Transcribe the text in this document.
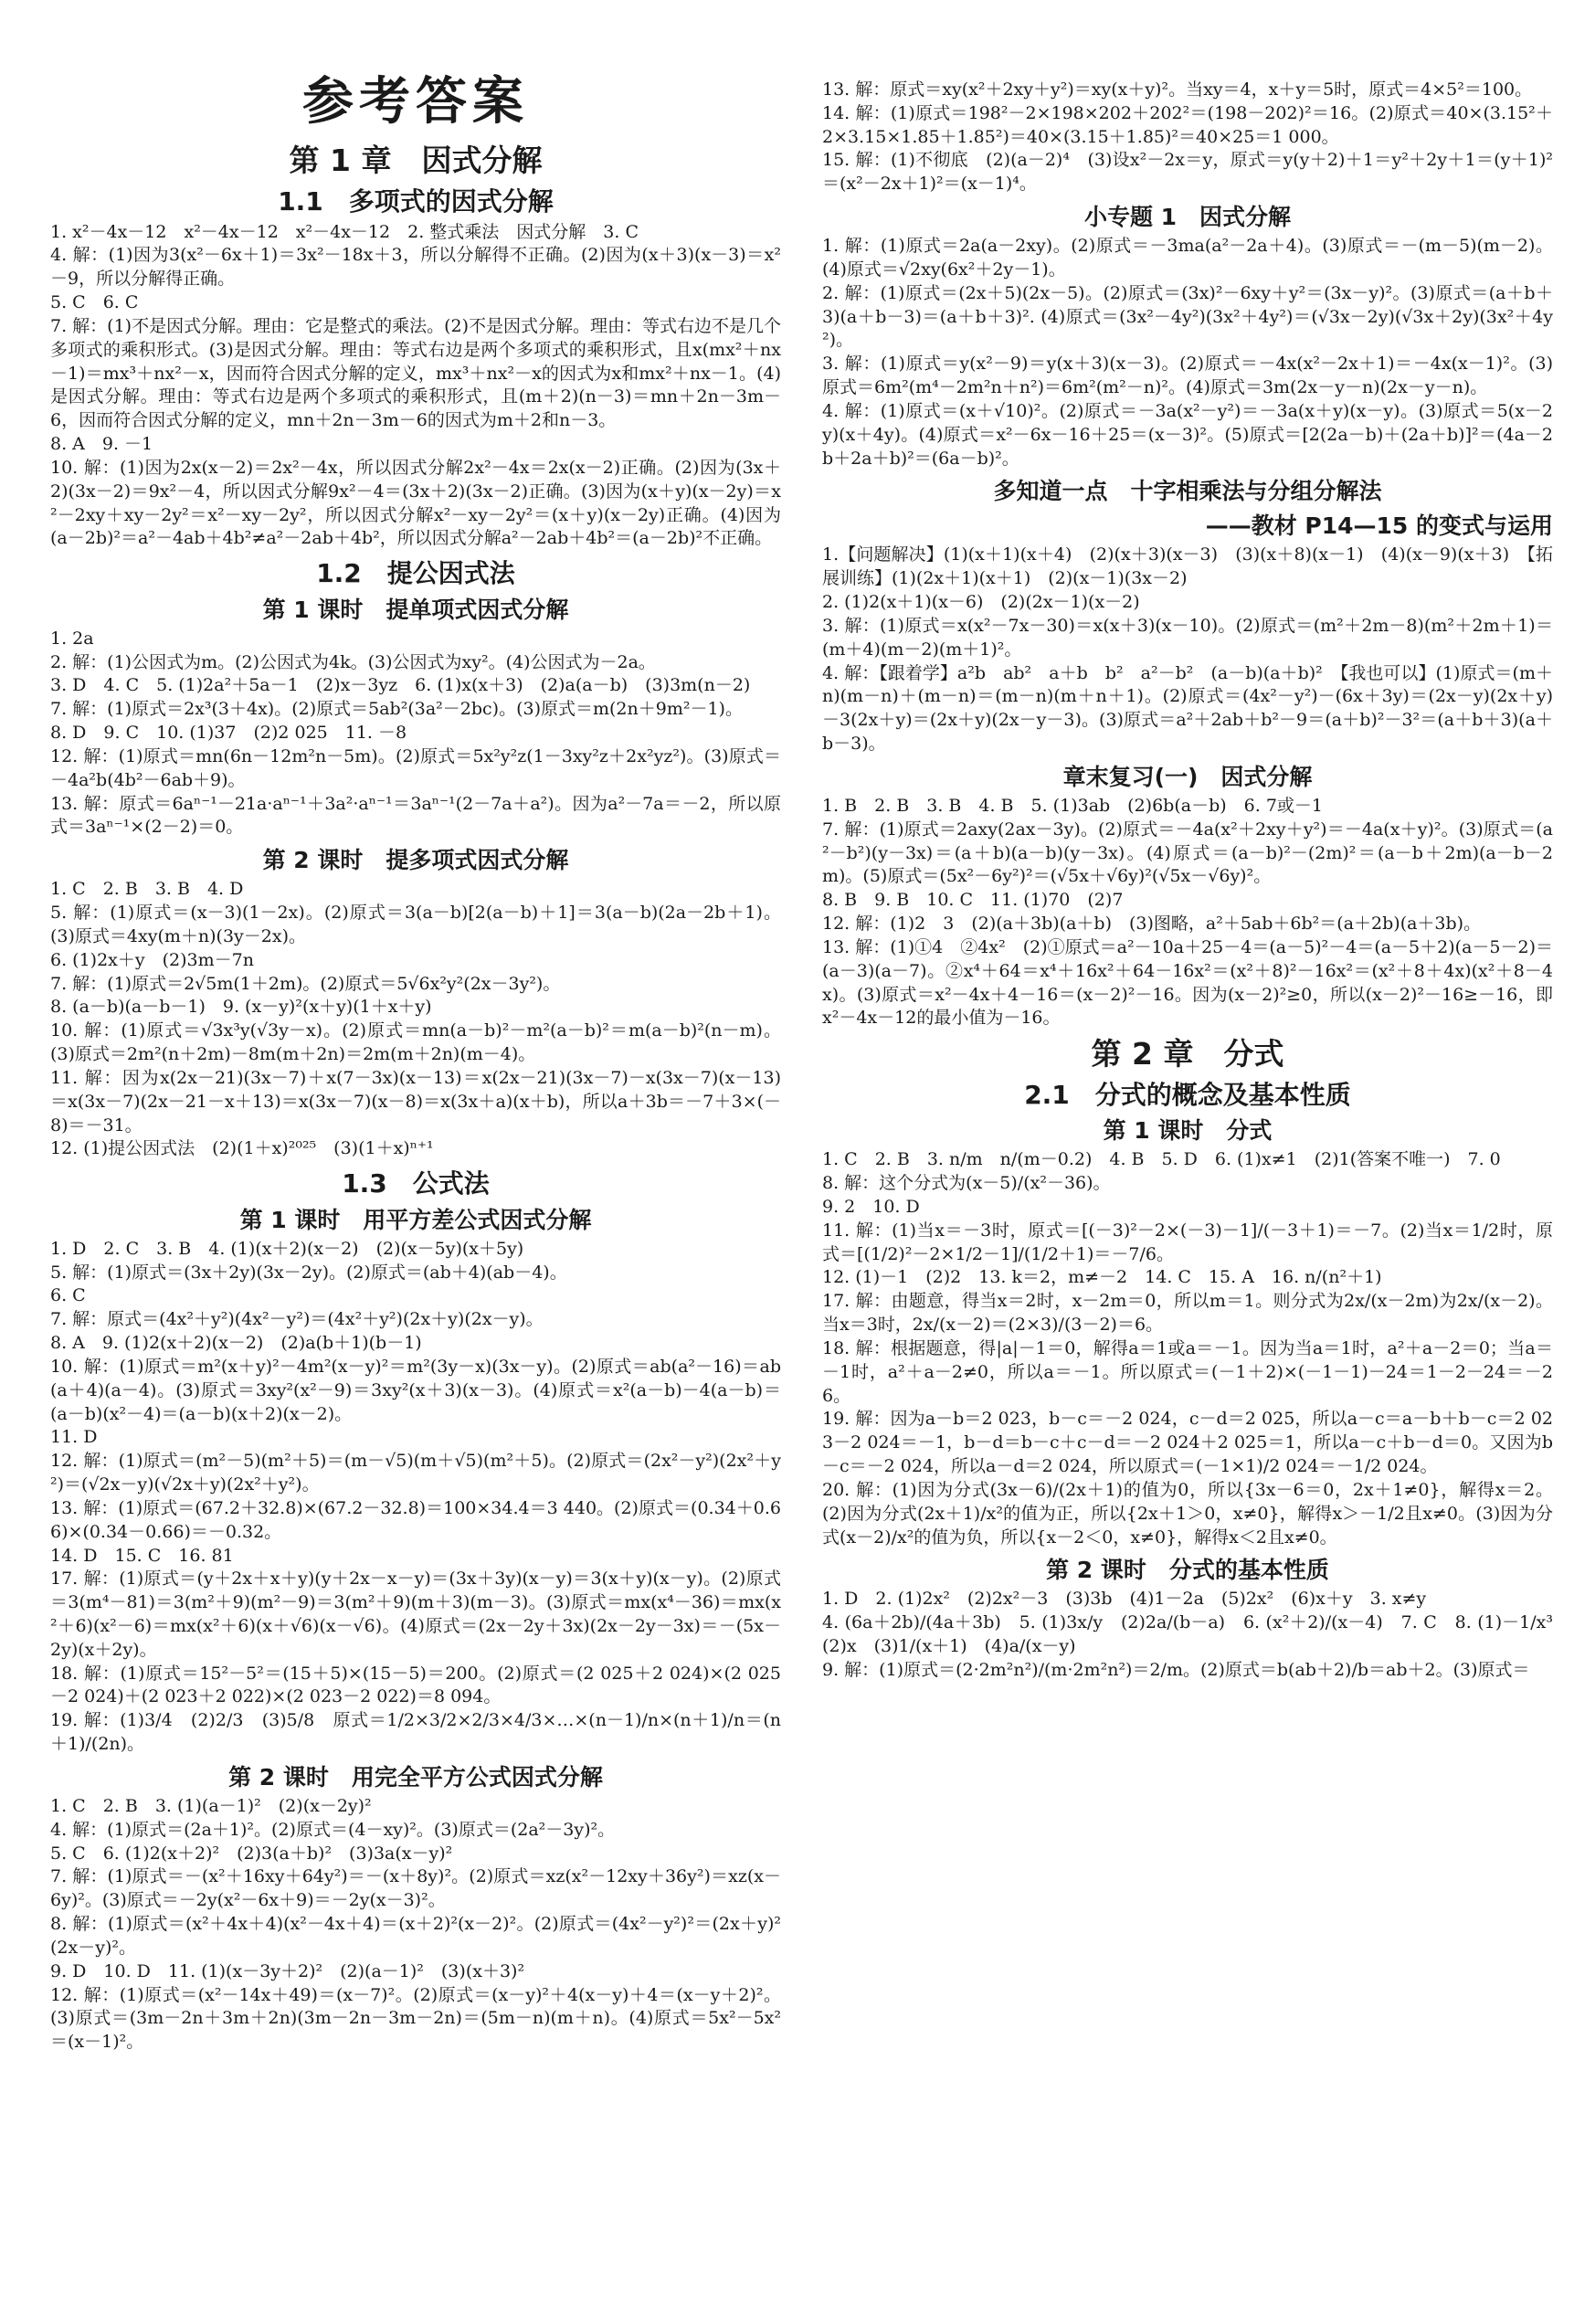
参考答案
第 1 章　因式分解
1.1　多项式的因式分解
1. x²－4x－12　x²－4x－12　x²－4x－12　2. 整式乘法　因式分解　3. C
4. 解：(1)因为3(x²－6x＋1)＝3x²－18x＋3，所以分解得不正确。(2)因为(x＋3)(x－3)＝x²－9，所以分解得正确。
5. C　6. C
7. 解：(1)不是因式分解。理由：它是整式的乘法。(2)不是因式分解。理由：等式右边不是几个多项式的乘积形式。(3)是因式分解。理由：等式右边是两个多项式的乘积形式，且x(mx²＋nx－1)＝mx³＋nx²－x，因而符合因式分解的定义，mx³＋nx²－x的因式为x和mx²＋nx－1。(4)是因式分解。理由：等式右边是两个多项式的乘积形式，且(m＋2)(n－3)＝mn＋2n－3m－6，因而符合因式分解的定义，mn＋2n－3m－6的因式为m＋2和n－3。
8. A　9. －1
10. 解：(1)因为2x(x－2)＝2x²－4x，所以因式分解2x²－4x＝2x(x－2)正确。(2)因为(3x＋2)(3x－2)＝9x²－4，所以因式分解9x²－4＝(3x＋2)(3x－2)正确。(3)因为(x＋y)(x－2y)＝x²－2xy＋xy－2y²＝x²－xy－2y²，所以因式分解x²－xy－2y²＝(x＋y)(x－2y)正确。(4)因为(a－2b)²＝a²－4ab＋4b²≠a²－2ab＋4b²，所以因式分解a²－2ab＋4b²＝(a－2b)²不正确。
1.2　提公因式法
第 1 课时　提单项式因式分解
1. 2a
2. 解：(1)公因式为m。(2)公因式为4k。(3)公因式为xy²。(4)公因式为－2a。
3. D　4. C　5. (1)2a²＋5a－1　(2)x－3yz　6. (1)x(x＋3)　(2)a(a－b)　(3)3m(n－2)
7. 解：(1)原式＝2x³(3＋4x)。(2)原式＝5ab²(3a²－2bc)。(3)原式＝m(2n＋9m²－1)。
8. D　9. C　10. (1)37　(2)2 025　11. －8
12. 解：(1)原式＝mn(6n－12m²n－5m)。(2)原式＝5x²y²z(1－3xy²z＋2x²yz²)。(3)原式＝－4a²b(4b²－6ab＋9)。
13. 解：原式＝6aⁿ⁻¹－21a·aⁿ⁻¹＋3a²·aⁿ⁻¹＝3aⁿ⁻¹(2－7a＋a²)。因为a²－7a＝－2，所以原式＝3aⁿ⁻¹×(2－2)＝0。
第 2 课时　提多项式因式分解
1. C　2. B　3. B　4. D
5. 解：(1)原式＝(x－3)(1－2x)。(2)原式＝3(a－b)[2(a－b)＋1]＝3(a－b)(2a－2b＋1)。(3)原式＝4xy(m＋n)(3y－2x)。
6. (1)2x＋y　(2)3m－7n
7. 解：(1)原式＝2√5m(1＋2m)。(2)原式＝5√6x²y²(2x－3y²)。
8. (a－b)(a－b－1)　9. (x－y)²(x＋y)(1＋x＋y)
10. 解：(1)原式＝√3x³y(√3y－x)。(2)原式＝mn(a－b)²－m²(a－b)²＝m(a－b)²(n－m)。(3)原式＝2m²(n＋2m)－8m(m＋2n)＝2m(m＋2n)(m－4)。
11. 解：因为x(2x－21)(3x－7)＋x(7－3x)(x－13)＝x(2x－21)(3x－7)－x(3x－7)(x－13)＝x(3x－7)(2x－21－x＋13)＝x(3x－7)(x－8)＝x(3x＋a)(x＋b)，所以a＋3b＝－7＋3×(－8)＝－31。
12. (1)提公因式法　(2)(1＋x)²⁰²⁵　(3)(1＋x)ⁿ⁺¹
1.3　公式法
第 1 课时　用平方差公式因式分解
1. D　2. C　3. B　4. (1)(x＋2)(x－2)　(2)(x－5y)(x＋5y)
5. 解：(1)原式＝(3x＋2y)(3x－2y)。(2)原式＝(ab＋4)(ab－4)。
6. C
7. 解：原式＝(4x²＋y²)(4x²－y²)＝(4x²＋y²)(2x＋y)(2x－y)。
8. A　9. (1)2(x＋2)(x－2)　(2)a(b＋1)(b－1)
10. 解：(1)原式＝m²(x＋y)²－4m²(x－y)²＝m²(3y－x)(3x－y)。(2)原式＝ab(a²－16)＝ab(a＋4)(a－4)。(3)原式＝3xy²(x²－9)＝3xy²(x＋3)(x－3)。(4)原式＝x²(a－b)－4(a－b)＝(a－b)(x²－4)＝(a－b)(x＋2)(x－2)。
11. D
12. 解：(1)原式＝(m²－5)(m²＋5)＝(m－√5)(m＋√5)(m²＋5)。(2)原式＝(2x²－y²)(2x²＋y²)＝(√2x－y)(√2x＋y)(2x²＋y²)。
13. 解：(1)原式＝(67.2＋32.8)×(67.2－32.8)＝100×34.4＝3 440。(2)原式＝(0.34＋0.66)×(0.34－0.66)＝－0.32。
14. D　15. C　16. 81
17. 解：(1)原式＝(y＋2x＋x＋y)(y＋2x－x－y)＝(3x＋3y)(x－y)＝3(x＋y)(x－y)。(2)原式＝3(m⁴－81)＝3(m²＋9)(m²－9)＝3(m²＋9)(m＋3)(m－3)。(3)原式＝mx(x⁴－36)＝mx(x²＋6)(x²－6)＝mx(x²＋6)(x＋√6)(x－√6)。(4)原式＝(2x－2y＋3x)(2x－2y－3x)＝－(5x－2y)(x＋2y)。
18. 解：(1)原式＝15²－5²＝(15＋5)×(15－5)＝200。(2)原式＝(2 025＋2 024)×(2 025－2 024)＋(2 023＋2 022)×(2 023－2 022)＝8 094。
19. 解：(1)3/4　(2)2/3　(3)5/8　原式＝1/2×3/2×2/3×4/3×…×(n－1)/n×(n＋1)/n＝(n＋1)/(2n)。
第 2 课时　用完全平方公式因式分解
1. C　2. B　3. (1)(a－1)²　(2)(x－2y)²
4. 解：(1)原式＝(2a＋1)²。(2)原式＝(4－xy)²。(3)原式＝(2a²－3y)²。
5. C　6. (1)2(x＋2)²　(2)3(a＋b)²　(3)3a(x－y)²
7. 解：(1)原式＝－(x²＋16xy＋64y²)＝－(x＋8y)²。(2)原式＝xz(x²－12xy＋36y²)＝xz(x－6y)²。(3)原式＝－2y(x²－6x＋9)＝－2y(x－3)²。
8. 解：(1)原式＝(x²＋4x＋4)(x²－4x＋4)＝(x＋2)²(x－2)²。(2)原式＝(4x²－y²)²＝(2x＋y)²(2x－y)²。
9. D　10. D　11. (1)(x－3y＋2)²　(2)(a－1)²　(3)(x＋3)²
12. 解：(1)原式＝(x²－14x＋49)＝(x－7)²。(2)原式＝(x－y)²＋4(x－y)＋4＝(x－y＋2)²。(3)原式＝(3m－2n＋3m＋2n)(3m－2n－3m－2n)＝(5m－n)(m＋n)。(4)原式＝5x²－5x²＝(x－1)²。
13. 解：原式＝xy(x²＋2xy＋y²)＝xy(x＋y)²。当xy＝4，x＋y＝5时，原式＝4×5²＝100。
14. 解：(1)原式＝198²－2×198×202＋202²＝(198－202)²＝16。(2)原式＝40×(3.15²＋2×3.15×1.85＋1.85²)＝40×(3.15＋1.85)²＝40×25＝1 000。
15. 解：(1)不彻底　(2)(a－2)⁴　(3)设x²－2x＝y，原式＝y(y＋2)＋1＝y²＋2y＋1＝(y＋1)²＝(x²－2x＋1)²＝(x－1)⁴。
小专题 1　因式分解
1. 解：(1)原式＝2a(a－2xy)。(2)原式＝－3ma(a²－2a＋4)。(3)原式＝－(m－5)(m－2)。(4)原式＝√2xy(6x²＋2y－1)。
2. 解：(1)原式＝(2x＋5)(2x－5)。(2)原式＝(3x)²－6xy＋y²＝(3x－y)²。(3)原式＝(a＋b＋3)(a＋b－3)＝(a＋b＋3)². (4)原式＝(3x²－4y²)(3x²＋4y²)＝(√3x－2y)(√3x＋2y)(3x²＋4y²)。
3. 解：(1)原式＝y(x²－9)＝y(x＋3)(x－3)。(2)原式＝－4x(x²－2x＋1)＝－4x(x－1)²。(3)原式＝6m²(m⁴－2m²n＋n²)＝6m²(m²－n)²。(4)原式＝3m(2x－y－n)(2x－y－n)。
4. 解：(1)原式＝(x＋√10)²。(2)原式＝－3a(x²－y²)＝－3a(x＋y)(x－y)。(3)原式＝5(x－2y)(x＋4y)。(4)原式＝x²－6x－16＋25＝(x－3)²。(5)原式＝[2(2a－b)＋(2a＋b)]²＝(4a－2b＋2a＋b)²＝(6a－b)²。
多知道一点　十字相乘法与分组分解法
——教材 P14—15 的变式与运用
1.【问题解决】(1)(x＋1)(x＋4)　(2)(x＋3)(x－3)　(3)(x＋8)(x－1)　(4)(x－9)(x＋3)　【拓展训练】(1)(2x＋1)(x＋1)　(2)(x－1)(3x－2)
2. (1)2(x＋1)(x－6)　(2)(2x－1)(x－2)
3. 解：(1)原式＝x(x²－7x－30)＝x(x＋3)(x－10)。(2)原式＝(m²＋2m－8)(m²＋2m＋1)＝(m＋4)(m－2)(m＋1)²。
4. 解：【跟着学】a²b　ab²　a＋b　b²　a²－b²　(a－b)(a＋b)²　【我也可以】(1)原式＝(m＋n)(m－n)＋(m－n)＝(m－n)(m＋n＋1)。(2)原式＝(4x²－y²)－(6x＋3y)＝(2x－y)(2x＋y)－3(2x＋y)＝(2x＋y)(2x－y－3)。(3)原式＝a²＋2ab＋b²－9＝(a＋b)²－3²＝(a＋b＋3)(a＋b－3)。
章末复习(一)　因式分解
1. B　2. B　3. B　4. B　5. (1)3ab　(2)6b(a－b)　6. 7或－1
7. 解：(1)原式＝2axy(2ax－3y)。(2)原式＝－4a(x²＋2xy＋y²)＝－4a(x＋y)²。(3)原式＝(a²－b²)(y－3x)＝(a＋b)(a－b)(y－3x)。(4)原式＝(a－b)²－(2m)²＝(a－b＋2m)(a－b－2m)。(5)原式＝(5x²－6y²)²＝(√5x＋√6y)²(√5x－√6y)²。
8. B　9. B　10. C　11. (1)70　(2)7
12. 解：(1)2　3　(2)(a＋3b)(a＋b)　(3)图略，a²＋5ab＋6b²＝(a＋2b)(a＋3b)。
13. 解：(1)①4　②4x²　(2)①原式＝a²－10a＋25－4＝(a－5)²－4＝(a－5＋2)(a－5－2)＝(a－3)(a－7)。②x⁴＋64＝x⁴＋16x²＋64－16x²＝(x²＋8)²－16x²＝(x²＋8＋4x)(x²＋8－4x)。(3)原式＝x²－4x＋4－16＝(x－2)²－16。因为(x－2)²≥0，所以(x－2)²－16≥－16，即x²－4x－12的最小值为－16。
第 2 章　分式
2.1　分式的概念及基本性质
第 1 课时　分式
1. C　2. B　3. n/m　n/(m－0.2)　4. B　5. D　6. (1)x≠1　(2)1(答案不唯一)　7. 0
8. 解：这个分式为(x－5)/(x²－36)。
9. 2　10. D
11. 解：(1)当x＝－3时，原式＝[(－3)²－2×(－3)－1]/(－3＋1)＝－7。(2)当x＝1/2时，原式＝[(1/2)²－2×1/2－1]/(1/2＋1)＝－7/6。
12. (1)－1　(2)2　13. k＝2，m≠－2　14. C　15. A　16. n/(n²＋1)
17. 解：由题意，得当x＝2时，x－2m＝0，所以m＝1。则分式为2x/(x－2m)为2x/(x－2)。当x＝3时，2x/(x－2)＝(2×3)/(3－2)＝6。
18. 解：根据题意，得|a|－1＝0，解得a＝1或a＝－1。因为当a＝1时，a²＋a－2＝0；当a＝－1时，a²＋a－2≠0，所以a＝－1。所以原式＝(－1＋2)×(－1－1)－24＝1－2－24＝－26。
19. 解：因为a－b＝2 023，b－c＝－2 024，c－d＝2 025，所以a－c＝a－b＋b－c＝2 023－2 024＝－1，b－d＝b－c＋c－d＝－2 024＋2 025＝1，所以a－c＋b－d＝0。又因为b－c＝－2 024，所以a－d＝2 024，所以原式＝(－1×1)/2 024＝－1/2 024。
20. 解：(1)因为分式(3x－6)/(2x＋1)的值为0，所以{3x－6＝0，2x＋1≠0}，解得x＝2。(2)因为分式(2x＋1)/x²的值为正，所以{2x＋1＞0，x≠0}，解得x＞－1/2且x≠0。(3)因为分式(x－2)/x²的值为负，所以{x－2＜0，x≠0}，解得x＜2且x≠0。
第 2 课时　分式的基本性质
1. D　2. (1)2x²　(2)2x²－3　(3)3b　(4)1－2a　(5)2x²　(6)x＋y　3. x≠y
4. (6a＋2b)/(4a＋3b)　5. (1)3x/y　(2)2a/(b－a)　6. (x²＋2)/(x－4)　7. C　8. (1)－1/x³　(2)x　(3)1/(x＋1)　(4)a/(x－y)
9. 解：(1)原式＝(2·2m²n²)/(m·2m²n²)＝2/m。(2)原式＝b(ab＋2)/b＝ab＋2。(3)原式＝
